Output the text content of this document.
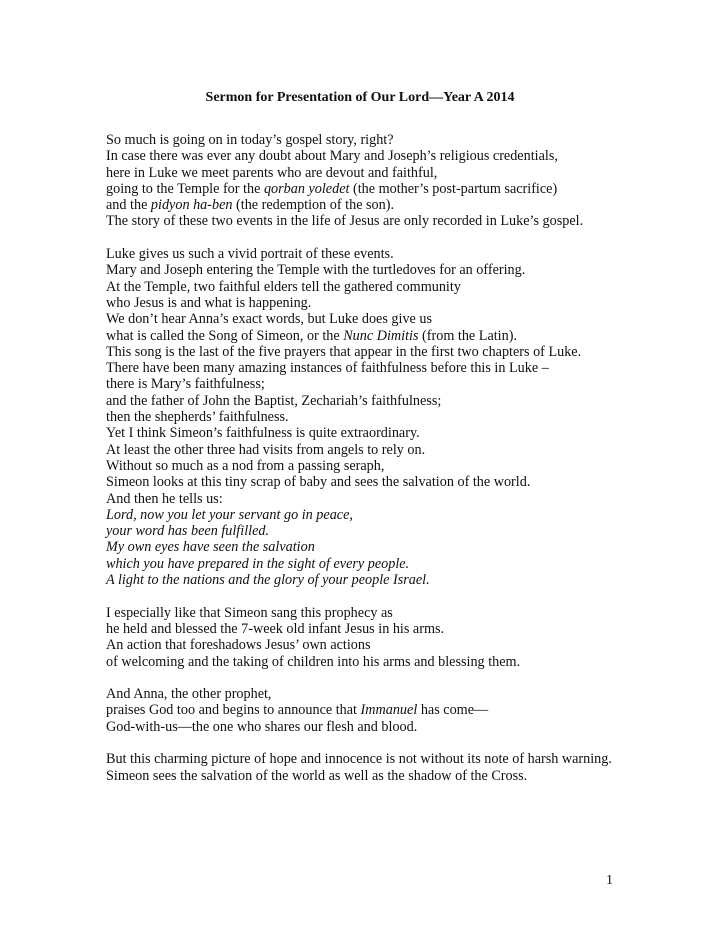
Sermon for Presentation of Our Lord—Year A 2014
So much is going on in today’s gospel story, right?
In case there was ever any doubt about Mary and Joseph’s religious credentials,
here in Luke we meet parents who are devout and faithful,
going to the Temple for the qorban yoledet (the mother’s post-partum sacrifice)
and the pidyon ha-ben (the redemption of the son).
The story of these two events in the life of Jesus are only recorded in Luke’s gospel.
Luke gives us such a vivid portrait of these events.
Mary and Joseph entering the Temple with the turtledoves for an offering.
At the Temple, two faithful elders tell the gathered community
who Jesus is and what is happening.
We don’t hear Anna’s exact words, but Luke does give us
what is called the Song of Simeon, or the Nunc Dimitis (from the Latin).
This song is the last of the five prayers that appear in the first two chapters of Luke.
There have been many amazing instances of faithfulness before this in Luke –
there is Mary’s faithfulness;
and the father of John the Baptist, Zechariah’s faithfulness;
then the shepherds’ faithfulness.
Yet I think Simeon’s faithfulness is quite extraordinary.
At least the other three had visits from angels to rely on.
Without so much as a nod from a passing seraph,
Simeon looks at this tiny scrap of baby and sees the salvation of the world.
And then he tells us:
Lord, now you let your servant go in peace,
your word has been fulfilled.
My own eyes have seen the salvation
which you have prepared in the sight of every people.
A light to the nations and the glory of your people Israel.
I especially like that Simeon sang this prophecy as
he held and blessed the 7-week old infant Jesus in his arms.
An action that foreshadows Jesus’ own actions
of welcoming and the taking of children into his arms and blessing them.
And Anna, the other prophet,
praises God too and begins to announce that Immanuel has come—
God-with-us—the one who shares our flesh and blood.
But this charming picture of hope and innocence is not without its note of harsh warning.
Simeon sees the salvation of the world as well as the shadow of the Cross.
1
